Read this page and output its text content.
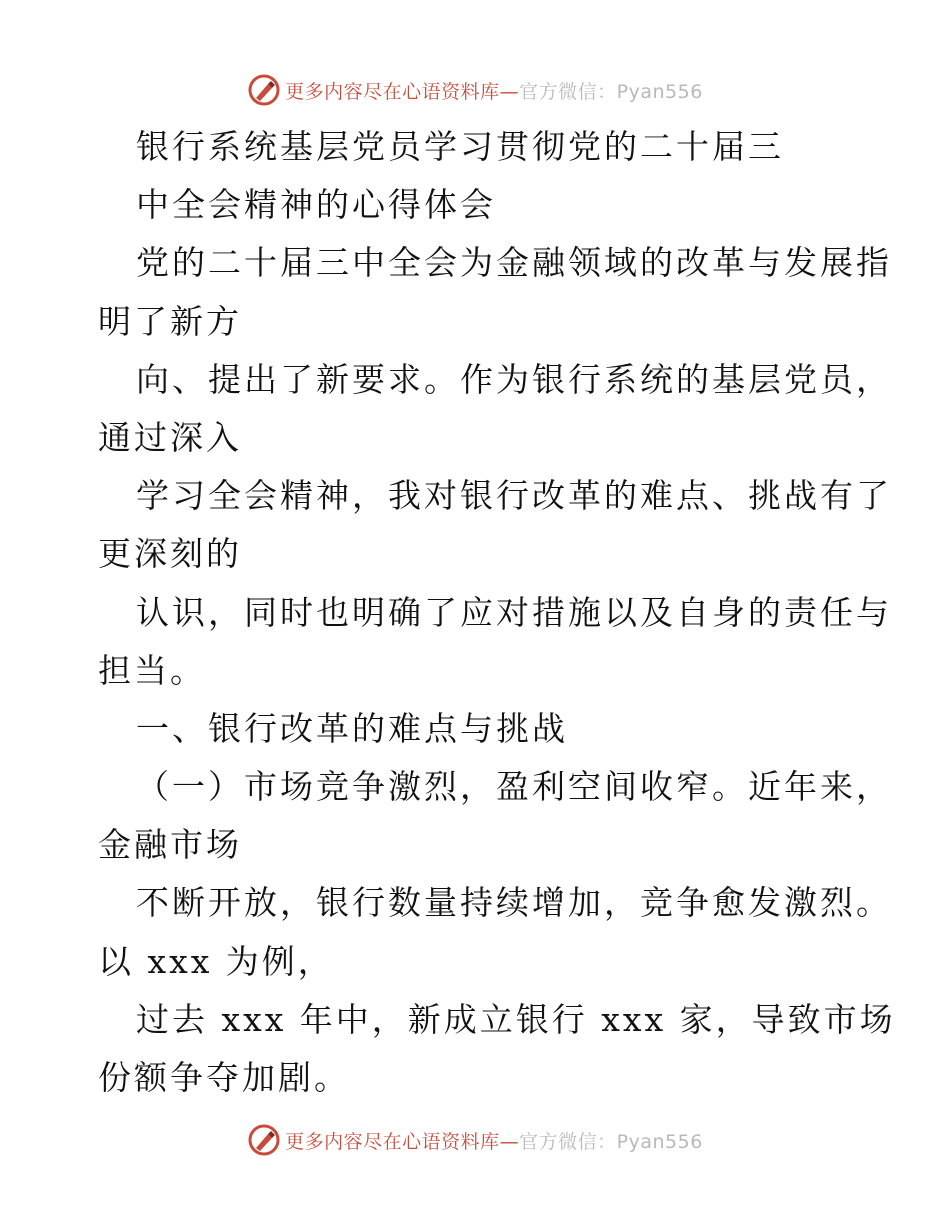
更多内容尽在心语资料库—官方微信：Pyan556
银行系统基层党员学习贯彻党的二十届三
中全会精神的心得体会
党的二十届三中全会为金融领域的改革与发展指
明了新方
向、提出了新要求。作为银行系统的基层党员，
通过深入
学习全会精神，我对银行改革的难点、挑战有了
更深刻的
认识，同时也明确了应对措施以及自身的责任与
担当。
一、银行改革的难点与挑战
（一）市场竞争激烈，盈利空间收窄。近年来，
金融市场
不断开放，银行数量持续增加，竞争愈发激烈。
以 xxx 为例，
过去 xxx 年中，新成立银行 xxx 家，导致市场
份额争夺加剧。
更多内容尽在心语资料库—官方微信：Pyan556
